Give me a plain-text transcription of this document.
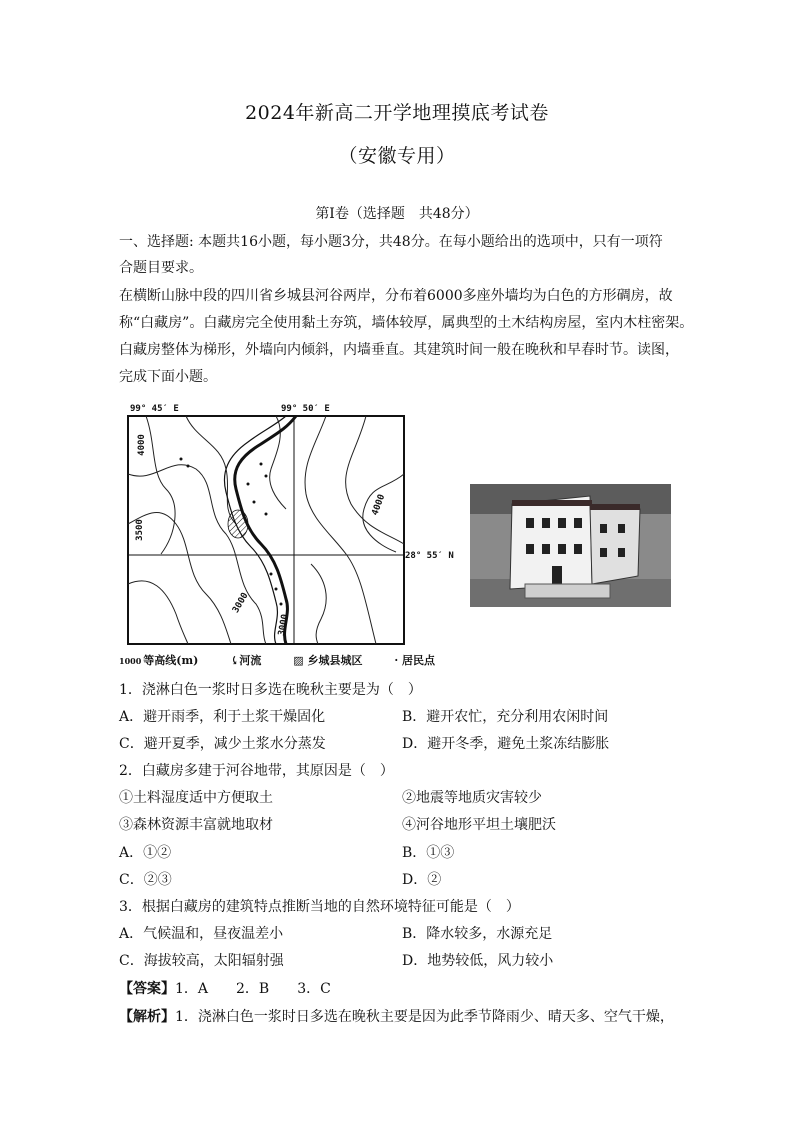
2024年新高二开学地理摸底考试卷
（安徽专用）
第Ⅰ卷（选择题　共48分）
一、选择题: 本题共16小题，每小题3分，共48分。在每小题给出的选项中，只有一项符
合题目要求。
在横断山脉中段的四川省乡城县河谷两岸，分布着6000多座外墙均为白色的方形碉房，故
称“白藏房”。白藏房完全使用黏土夯筑，墙体较厚，属典型的土木结构房屋，室内木柱密架。
白藏房整体为梯形，外墙向内倾斜，内墙垂直。其建筑时间一般在晚秋和早春时节。读图，
完成下面小题。
99° 45′ E	99° 50′ E
28° 55′ N
4000
3500
3000
4000
3000
1000 等高线(m)	⤹河流	▨ 乡城县城区	· 居民点
1．浇淋白色一浆时日多选在晚秋主要是为（　）
A．避开雨季，利于土浆干燥固化	B．避开农忙，充分利用农闲时间
C．避开夏季，减少土浆水分蒸发	D．避开冬季，避免土浆冻结膨胀
2．白藏房多建于河谷地带，其原因是（　）
①土料湿度适中方便取土	②地震等地质灾害较少
③森林资源丰富就地取材	④河谷地形平坦土壤肥沃
A．①②	B．①③
C．②③	D．②
3．根据白藏房的建筑特点推断当地的自然环境特征可能是（　）
A．气候温和，昼夜温差小	B．降水较多，水源充足
C．海拔较高，太阳辐射强	D．地势较低，风力较小
【答案】1．A　　2．B　　3．C
【解析】1．浇淋白色一浆时日多选在晚秋主要是因为此季节降雨少、晴天多、空气干燥，
